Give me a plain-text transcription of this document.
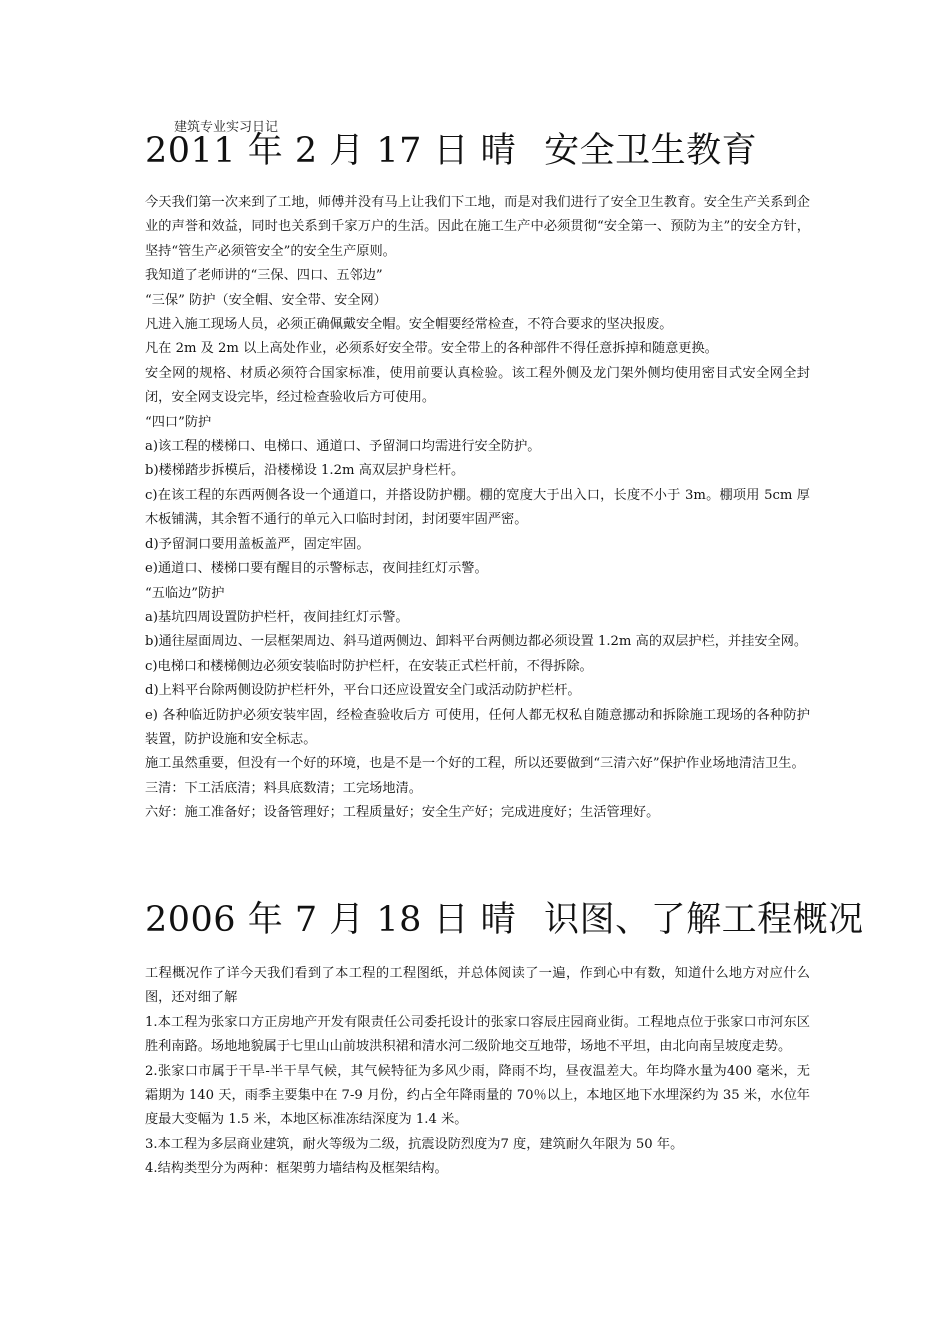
建筑专业实习日记
2011 年 2 月 17 日 晴 安全卫生教育

今天我们第一次来到了工地，师傅并没有马上让我们下工地，而是对我们进行了安全卫生教育。安全生产关系到企业的声誉和效益，同时也关系到千家万户的生活。因此在施工生产中必须贯彻“安全第一、预防为主”的安全方针，坚持“管生产必须管安全”的安全生产原则。

我知道了老师讲的“三保、四口、五邻边”

“三保” 防护（安全帽、安全带、安全网）

凡进入施工现场人员，必须正确佩戴安全帽。安全帽要经常检查，不符合要求的坚决报废。

凡在 2m 及 2m 以上高处作业，必须系好安全带。安全带上的各种部件不得任意拆掉和随意更换。

安全网的规格、材质必须符合国家标准，使用前要认真检验。该工程外侧及龙门架外侧均使用密目式安全网全封闭，安全网支设完毕，经过检查验收后方可使用。

“四口”防护

a)该工程的楼梯口、电梯口、通道口、予留洞口均需进行安全防护。

b)楼梯踏步拆模后，沿楼梯设 1.2m 高双层护身栏杆。

c)在该工程的东西两侧各设一个通道口，并搭设防护棚。棚的宽度大于出入口，长度不小于 3m。棚项用 5cm 厚木板铺满，其余暂不通行的单元入口临时封闭，封闭要牢固严密。

d)予留洞口要用盖板盖严，固定牢固。

e)通道口、楼梯口要有醒目的示警标志，夜间挂红灯示警。

“五临边”防护

a)基坑四周设置防护栏杆，夜间挂红灯示警。

b)通往屋面周边、一层框架周边、斜马道两侧边、卸料平台两侧边都必须设置 1.2m 高的双层护栏，并挂安全网。

c)电梯口和楼梯侧边必须安装临时防护栏杆，在安装正式栏杆前，不得拆除。

d)上料平台除两侧设防护栏杆外，平台口还应设置安全门或活动防护栏杆。

e) 各种临近防护必须安装牢固，经检查验收后方 可使用，任何人都无权私自随意挪动和拆除施工现场的各种防护装置，防护设施和安全标志。

施工虽然重要，但没有一个好的环境，也是不是一个好的工程，所以还要做到“三清六好”保护作业场地清洁卫生。

三清：下工活底清；料具底数清；工完场地清。

六好：施工准备好；设备管理好；工程质量好；安全生产好；完成进度好；生活管理好。

2006 年 7 月 18 日 晴 识图、了解工程概况

工程概况作了详今天我们看到了本工程的工程图纸，并总体阅读了一遍，作到心中有数，知道什么地方对应什么图，还对细了解

1.本工程为张家口方正房地产开发有限责任公司委托设计的张家口容辰庄园商业街。工程地点位于张家口市河东区胜利南路。场地地貌属于七里山山前坡洪积裙和清水河二级阶地交互地带，场地不平坦，由北向南呈坡度走势。

2.张家口市属于干旱-半干旱气候，其气候特征为多风少雨，降雨不均，昼夜温差大。年均降水量为400 毫米，无霜期为 140 天，雨季主要集中在 7-9 月份，约占全年降雨量的 70％以上，本地区地下水埋深约为 35 米，水位年度最大变幅为 1.5 米，本地区标准冻结深度为 1.4 米。

3.本工程为多层商业建筑，耐火等级为二级，抗震设防烈度为7 度，建筑耐久年限为 50 年。

4.结构类型分为两种：框架剪力墙结构及框架结构。
